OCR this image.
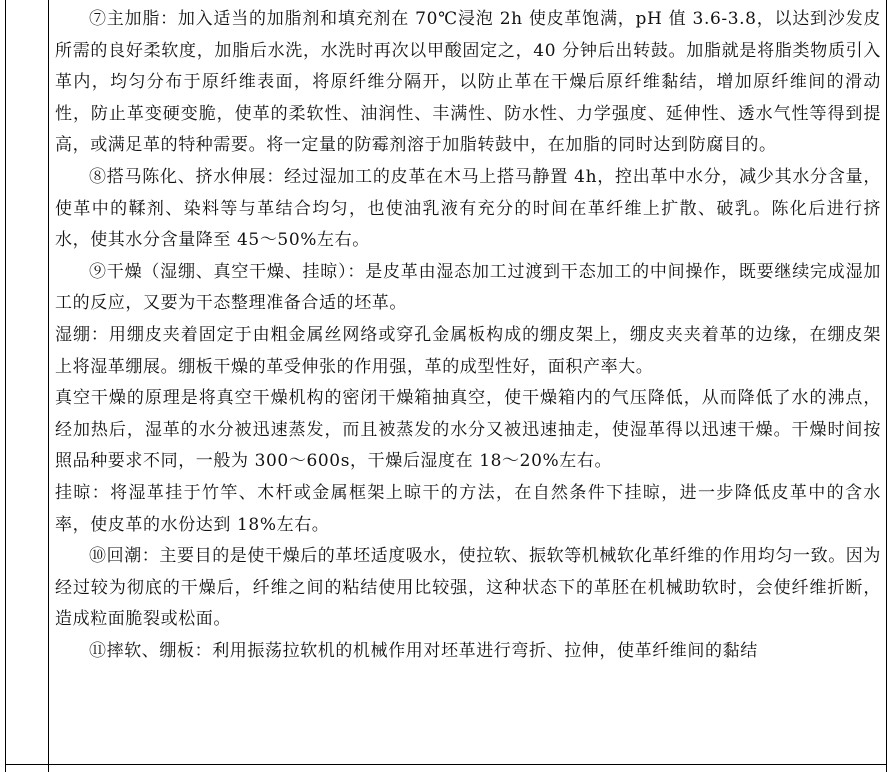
⑦主加脂：加入适当的加脂剂和填充剂在 70℃浸泡 2h 使皮革饱满，pH 值 3.6-3.8，以达到沙发皮所需的良好柔软度，加脂后水洗，水洗时再次以甲酸固定之，40 分钟后出转鼓。加脂就是将脂类物质引入革内，均匀分布于原纤维表面，将原纤维分隔开，以防止革在干燥后原纤维黏结，增加原纤维间的滑动性，防止革变硬变脆，使革的柔软性、油润性、丰满性、防水性、力学强度、延伸性、透水气性等得到提高，或满足革的特种需要。将一定量的防霉剂溶于加脂转鼓中，在加脂的同时达到防腐目的。

⑧搭马陈化、挤水伸展：经过湿加工的皮革在木马上搭马静置 4h，控出革中水分，减少其水分含量，使革中的鞣剂、染料等与革结合均匀，也使油乳液有充分的时间在革纤维上扩散、破乳。陈化后进行挤水，使其水分含量降至 45～50%左右。

⑨干燥（湿绷、真空干燥、挂晾）：是皮革由湿态加工过渡到干态加工的中间操作，既要继续完成湿加工的反应，又要为干态整理准备合适的坯革。

湿绷：用绷皮夹着固定于由粗金属丝网络或穿孔金属板构成的绷皮架上，绷皮夹夹着革的边缘，在绷皮架上将湿革绷展。绷板干燥的革受伸张的作用强，革的成型性好，面积产率大。

真空干燥的原理是将真空干燥机构的密闭干燥箱抽真空，使干燥箱内的气压降低，从而降低了水的沸点，经加热后，湿革的水分被迅速蒸发，而且被蒸发的水分又被迅速抽走，使湿革得以迅速干燥。干燥时间按照品种要求不同，一般为 300～600s，干燥后湿度在 18～20%左右。

挂晾：将湿革挂于竹竿、木杆或金属框架上晾干的方法，在自然条件下挂晾，进一步降低皮革中的含水率，使皮革的水份达到 18%左右。

⑩回潮：主要目的是使干燥后的革坯适度吸水，使拉软、振软等机械软化革纤维的作用均匀一致。因为经过较为彻底的干燥后，纤维之间的粘结使用比较强，这种状态下的革胚在机械助软时，会使纤维折断，造成粒面脆裂或松面。

⑪摔软、绷板：利用振荡拉软机的机械作用对坯革进行弯折、拉伸，使革纤维间的黏结
